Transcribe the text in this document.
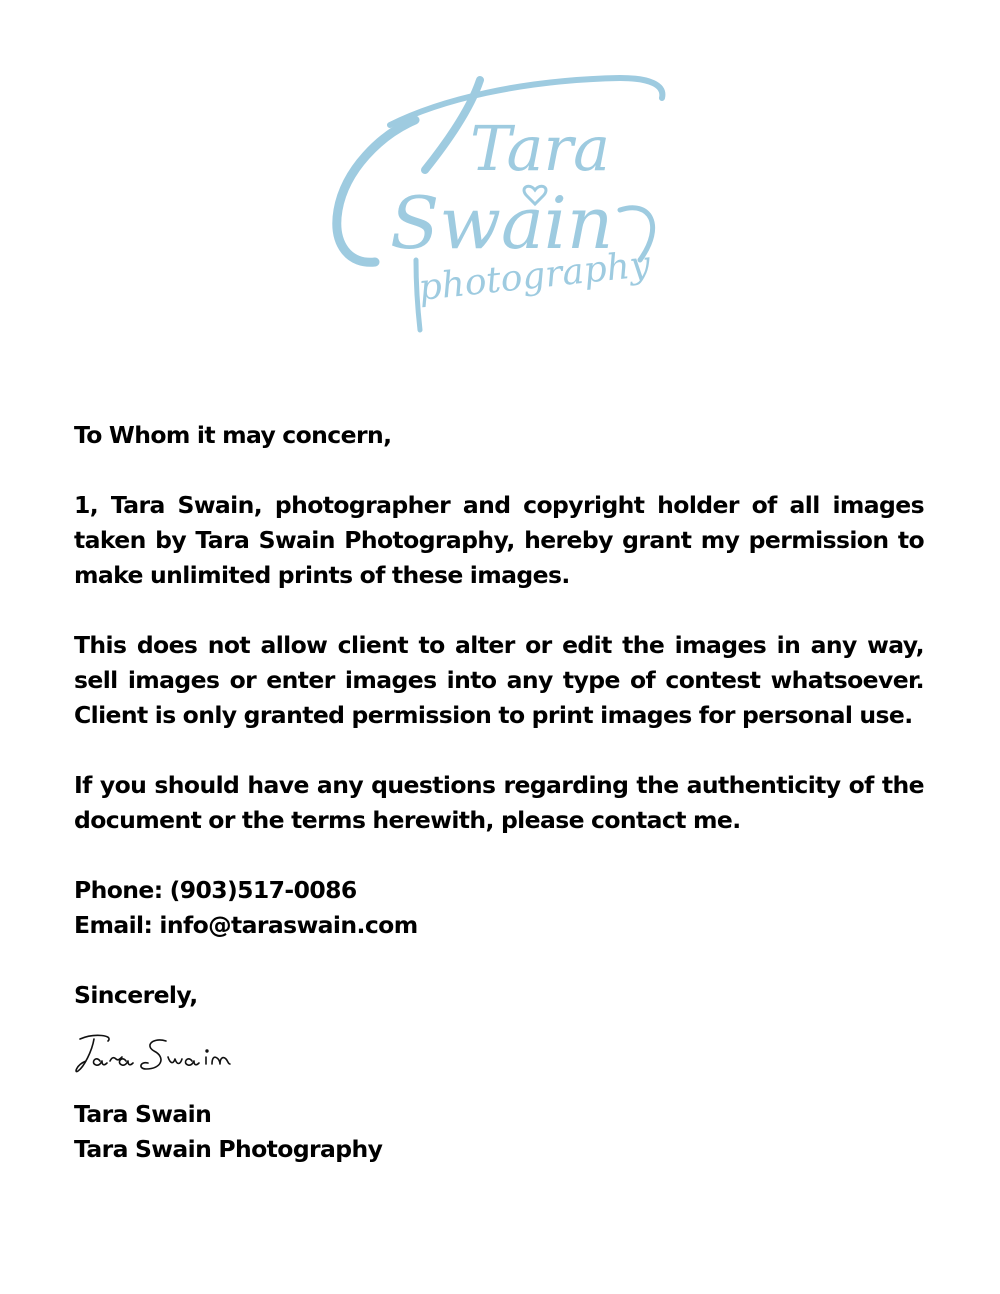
Tara
Swain
photography

To Whom it may concern,

1, Tara Swain, photographer and copyright holder of all images taken by Tara Swain Photography, hereby grant my permission to make unlimited prints of these images.

This does not allow client to alter or edit the images in any way, sell images or enter images into any type of contest whatsoever. Client is only granted permission to print images for personal use.

If you should have any questions regarding the authenticity of the document or the terms herewith, please contact me.

Phone: (903)517-0086

Email: info@taraswain.com

Sincerely,

Tara Swain

Tara Swain Photography
